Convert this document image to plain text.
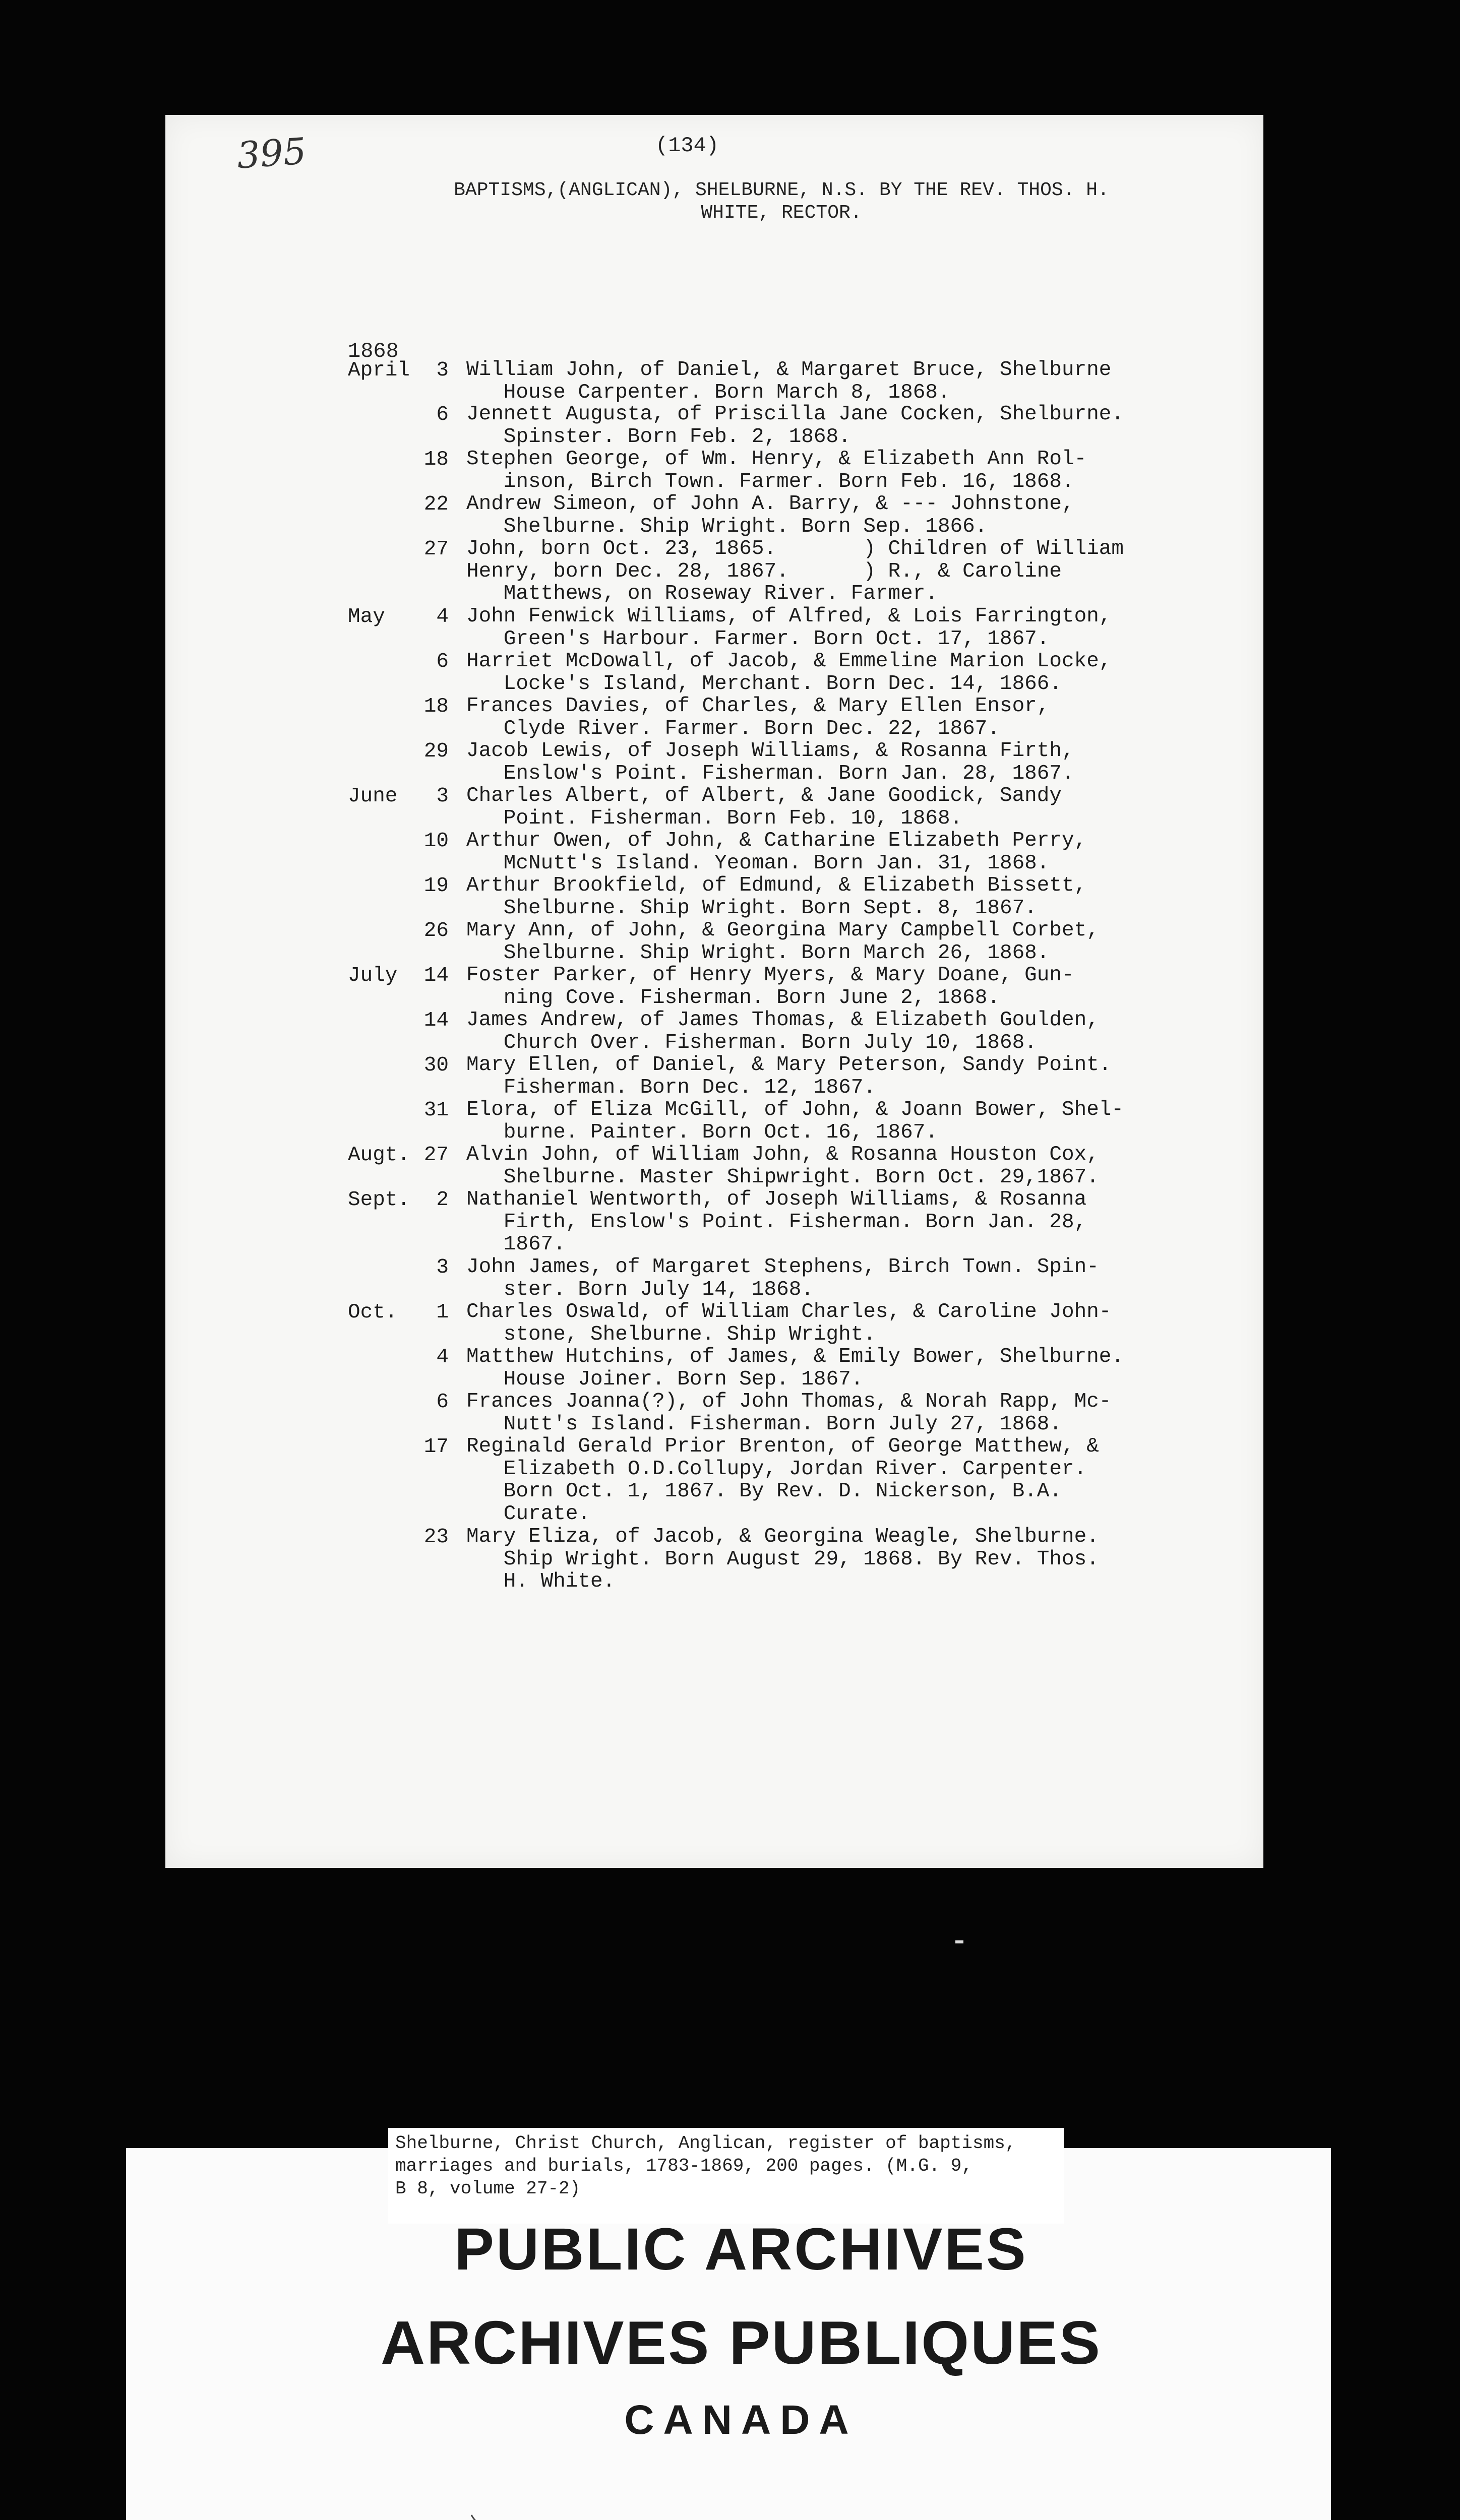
395	(134)
BAPTISMS,(ANGLICAN), SHELBURNE, N.S. BY THE REV. THOS. H.
WHITE, RECTOR.
1868
April	3 William John, of Daniel, & Margaret Bruce, Shelburne
House Carpenter. Born March 8, 1868.
6 Jennett Augusta, of Priscilla Jane Cocken, Shelburne.
Spinster. Born Feb. 2, 1868.
18 Stephen George, of Wm. Henry, & Elizabeth Ann Rol-
inson, Birch Town. Farmer. Born Feb. 16, 1868.
22 Andrew Simeon, of John A. Barry, & --- Johnstone,
Shelburne. Ship Wright. Born Sep. 1866.
27 John, born Oct. 23, 1865.       ) Children of William
Henry, born Dec. 28, 1867.      ) R., & Caroline
Matthews, on Roseway River. Farmer.
May	4 John Fenwick Williams, of Alfred, & Lois Farrington,
Green's Harbour. Farmer. Born Oct. 17, 1867.
6 Harriet McDowall, of Jacob, & Emmeline Marion Locke,
Locke's Island, Merchant. Born Dec. 14, 1866.
18 Frances Davies, of Charles, & Mary Ellen Ensor,
Clyde River. Farmer. Born Dec. 22, 1867.
29 Jacob Lewis, of Joseph Williams, & Rosanna Firth,
Enslow's Point. Fisherman. Born Jan. 28, 1867.
June	3 Charles Albert, of Albert, & Jane Goodick, Sandy
Point. Fisherman. Born Feb. 10, 1868.
10 Arthur Owen, of John, & Catharine Elizabeth Perry,
McNutt's Island. Yeoman. Born Jan. 31, 1868.
19 Arthur Brookfield, of Edmund, & Elizabeth Bissett,
Shelburne. Ship Wright. Born Sept. 8, 1867.
26 Mary Ann, of John, & Georgina Mary Campbell Corbet,
Shelburne. Ship Wright. Born March 26, 1868.
July	14 Foster Parker, of Henry Myers, & Mary Doane, Gun-
ning Cove. Fisherman. Born June 2, 1868.
14 James Andrew, of James Thomas, & Elizabeth Goulden,
Church Over. Fisherman. Born July 10, 1868.
30 Mary Ellen, of Daniel, & Mary Peterson, Sandy Point.
Fisherman. Born Dec. 12, 1867.
31 Elora, of Eliza McGill, of John, & Joann Bower, Shel-
burne. Painter. Born Oct. 16, 1867.
Augt. 27 Alvin John, of William John, & Rosanna Houston Cox,
Shelburne. Master Shipwright. Born Oct. 29,1867.
Sept.	2 Nathaniel Wentworth, of Joseph Williams, & Rosanna
Firth, Enslow's Point. Fisherman. Born Jan. 28,
1867.
3 John James, of Margaret Stephens, Birch Town. Spin-
ster. Born July 14, 1868.
Oct.	1 Charles Oswald, of William Charles, & Caroline John-
stone, Shelburne. Ship Wright.
4 Matthew Hutchins, of James, & Emily Bower, Shelburne.
House Joiner. Born Sep. 1867.
6 Frances Joanna(?), of John Thomas, & Norah Rapp, Mc-
Nutt's Island. Fisherman. Born July 27, 1868.
17 Reginald Gerald Prior Brenton, of George Matthew, &
Elizabeth O.D.Collupy, Jordan River. Carpenter.
Born Oct. 1, 1867. By Rev. D. Nickerson, B.A.
Curate.
23 Mary Eliza, of Jacob, & Georgina Weagle, Shelburne.
Ship Wright. Born August 29, 1868. By Rev. Thos.
H. White.
Shelburne, Christ Church, Anglican, register of baptisms,
marriages and burials, 1783-1869, 200 pages. (M.G. 9,
B 8, volume 27-2)
PUBLIC ARCHIVES
ARCHIVES PUBLIQUES
CANADA
